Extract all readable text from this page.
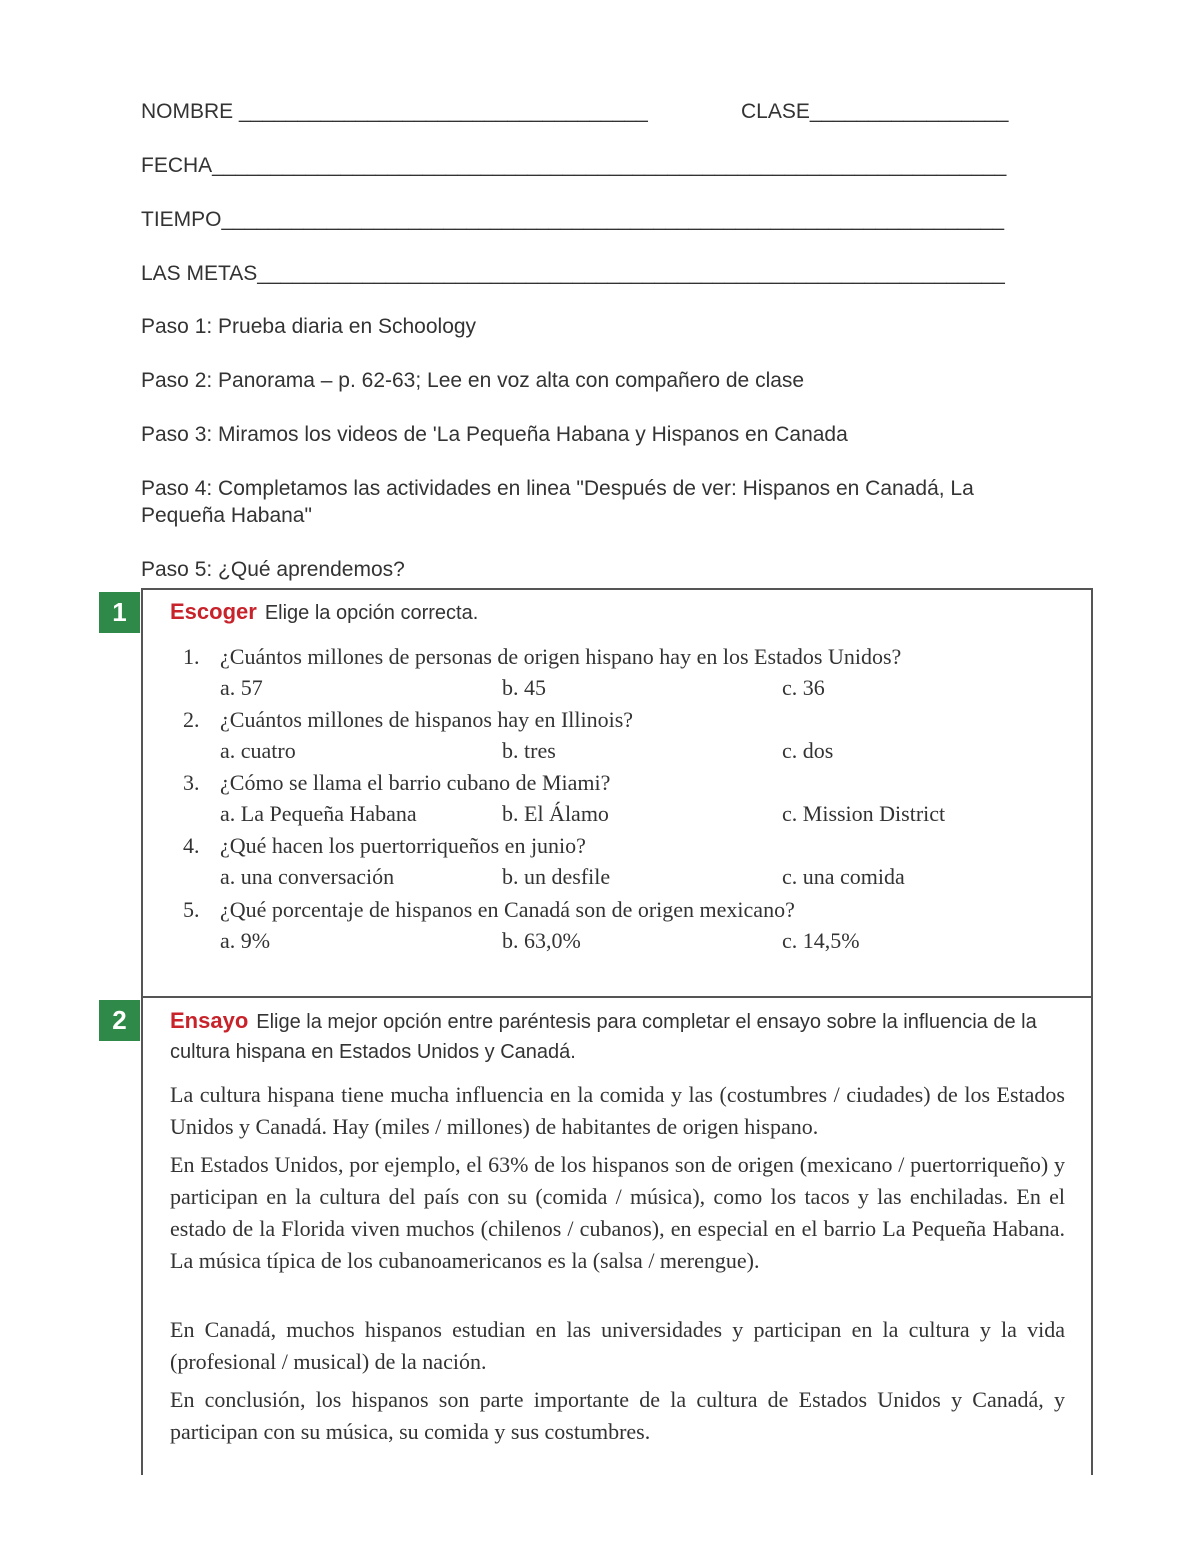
NOMBRE ___________________________________	CLASE_________________
FECHA____________________________________________________________________
TIEMPO___________________________________________________________________
LAS METAS________________________________________________________________
Paso 1: Prueba diaria en Schoology
Paso 2: Panorama – p. 62-63; Lee en voz alta con compañero de clase
Paso 3: Miramos los videos de 'La Pequeña Habana y Hispanos en Canada
Paso 4: Completamos las actividades en linea "Después de ver: Hispanos en Canadá, La Pequeña Habana"
Paso 5: ¿Qué aprendemos?
1	Escoger Elige la opción correcta.
1. ¿Cuántos millones de personas de origen hispano hay en los Estados Unidos?
a. 57	b. 45	c. 36
2. ¿Cuántos millones de hispanos hay en Illinois?
a. cuatro	b. tres	c. dos
3. ¿Cómo se llama el barrio cubano de Miami?
a. La Pequeña Habana	b. El Álamo	c. Mission District
4. ¿Qué hacen los puertorriqueños en junio?
a. una conversación	b. un desfile	c. una comida
5. ¿Qué porcentaje de hispanos en Canadá son de origen mexicano?
a. 9%	b. 63,0%	c. 14,5%
2	Ensayo Elige la mejor opción entre paréntesis para completar el ensayo sobre la influencia de la cultura hispana en Estados Unidos y Canadá.
La cultura hispana tiene mucha influencia en la comida y las (costumbres / ciudades) de los Estados Unidos y Canadá. Hay (miles / millones) de habitantes de origen hispano.
En Estados Unidos, por ejemplo, el 63% de los hispanos son de origen (mexicano / puertorriqueño) y participan en la cultura del país con su (comida / música), como los tacos y las enchiladas. En el estado de la Florida viven muchos (chilenos / cubanos), en especial en el barrio La Pequeña Habana. La música típica de los cubanoamericanos es la (salsa / merengue).
En Canadá, muchos hispanos estudian en las universidades y participan en la cultura y la vida (profesional / musical) de la nación.
En conclusión, los hispanos son parte importante de la cultura de Estados Unidos y Canadá, y participan con su música, su comida y sus costumbres.
